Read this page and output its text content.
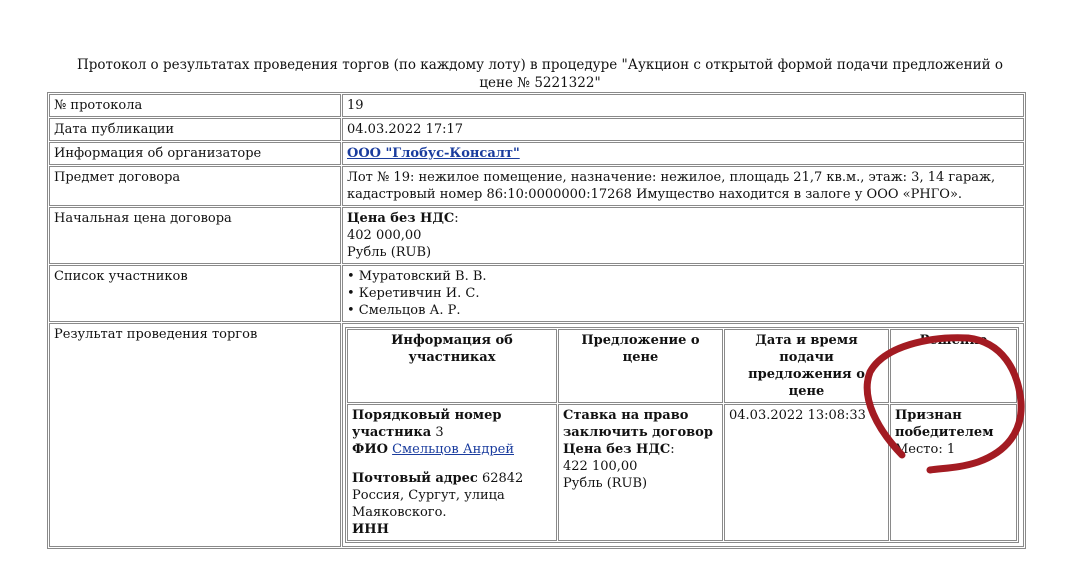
Протокол о результатах проведения торгов (по каждому лоту) в процедуре "Аукцион с открытой формой подачи предложений о цене № 5221322"
№ протокола	19
Дата публикации	04.03.2022 17:17
Информация об организаторе	ООО "Глобус-Консалт"
Предмет договора	Лот № 19: нежилое помещение, назначение: нежилое, площадь 21,7 кв.м., этаж: 3, 14 гараж, кадастровый номер 86:10:0000000:17268 Имущество находится в залоге у ООО «РНГО».
Начальная цена договора	Цена без НДС:
402 000,00
Рубль (RUB)

Список участников	• Муратовский В. В.
• Керетивчин И. С.
• Смельцов А. Р.

Результат проведения торгов		Информация об участниках	Предложение о цене	Дата и время подачи предложения о цене	Решение

Порядковый номер участника 3
ФИО Смельцов Андрей
Почтовый адрес 62842
Россия, Сургут, улица
Маяковского.
ИНН

Ставка на право заключить договор
Цена без НДС:
422 100,00
Рубль (RUB)
	04.03.2022 13:08:33	Признан победителем
Место: 1
